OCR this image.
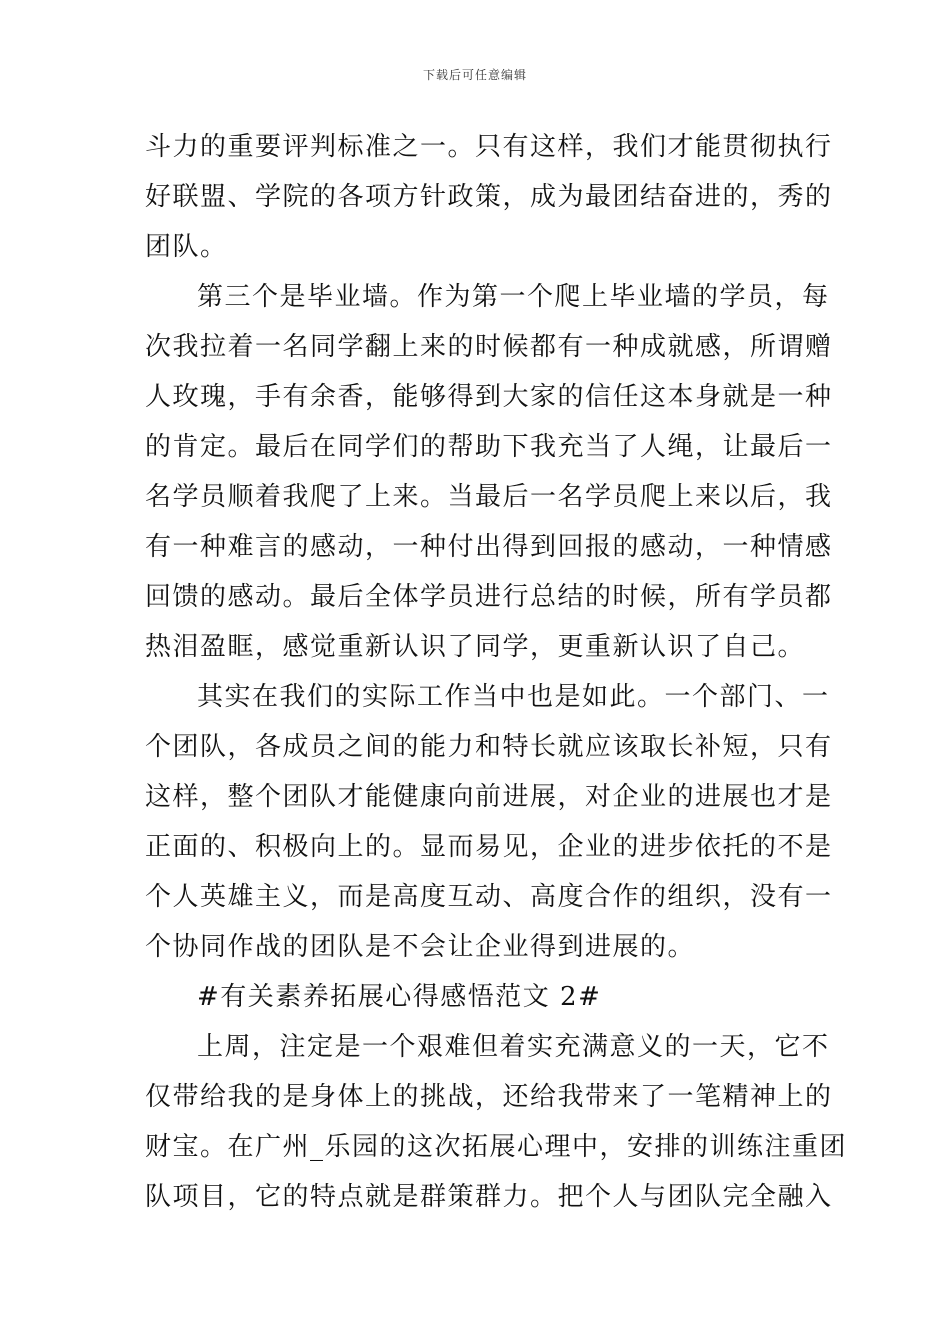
下载后可任意编辑
斗力的重要评判标准之一。只有这样，我们才能贯彻执行
好联盟、学院的各项方针政策，成为最团结奋进的，秀的
团队。
第三个是毕业墙。作为第一个爬上毕业墙的学员，每
次我拉着一名同学翻上来的时候都有一种成就感，所谓赠
人玫瑰，手有余香，能够得到大家的信任这本身就是一种
的肯定。最后在同学们的帮助下我充当了人绳，让最后一
名学员顺着我爬了上来。当最后一名学员爬上来以后，我
有一种难言的感动，一种付出得到回报的感动，一种情感
回馈的感动。最后全体学员进行总结的时候，所有学员都
热泪盈眶，感觉重新认识了同学，更重新认识了自己。
其实在我们的实际工作当中也是如此。一个部门、一
个团队，各成员之间的能力和特长就应该取长补短，只有
这样，整个团队才能健康向前进展，对企业的进展也才是
正面的、积极向上的。显而易见，企业的进步依托的不是
个人英雄主义，而是高度互动、高度合作的组织，没有一
个协同作战的团队是不会让企业得到进展的。
#有关素养拓展心得感悟范文 2#
上周，注定是一个艰难但着实充满意义的一天，它不
仅带给我的是身体上的挑战，还给我带来了一笔精神上的
财宝。在广州_乐园的这次拓展心理中，安排的训练注重团
队项目，它的特点就是群策群力。把个人与团队完全融入
